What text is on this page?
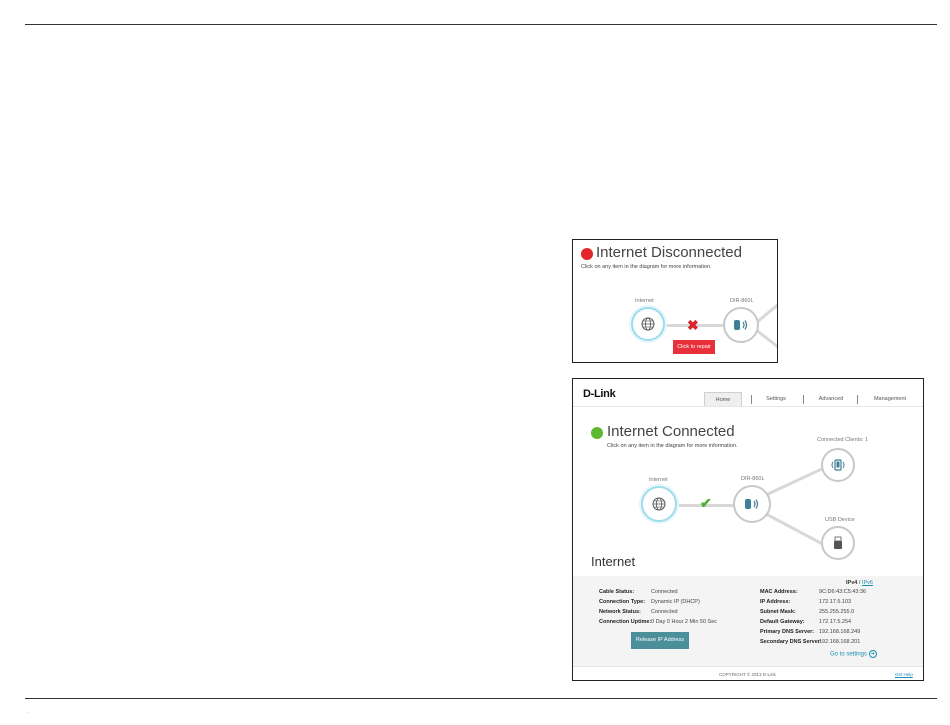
Internet Disconnected
Click on any item in the diagram for more information.
Internet
✖
Click to repair
DIR-860L
D-Link	Home	Settings	Advanced	Management
Internet Connected
Click on any item in the diagram for more information.
Internet
✔
DIR-860L
Connected Clients: 1
USB Device
Internet
IPv4 / IPv6
Cable Status:	Connected
Connection Type: Dynamic IP (DHCP)
Network Status: Connected
Connection Uptime: 0 Day 0 Hour 2 Min 50 Sec
Release IP Address
MAC Address:	9C:D6:43:C5:43:36
IP Address:	172.17.5.103
Subnet Mask:	255.255.255.0
Default Gateway:	172.17.5.254
Primary DNS Server: 192.168.168.249
Secondary DNS Server:
192.168.168.201
Go to settings ➜
COPYRIGHT © 2013 D-Link	Get Help
.
